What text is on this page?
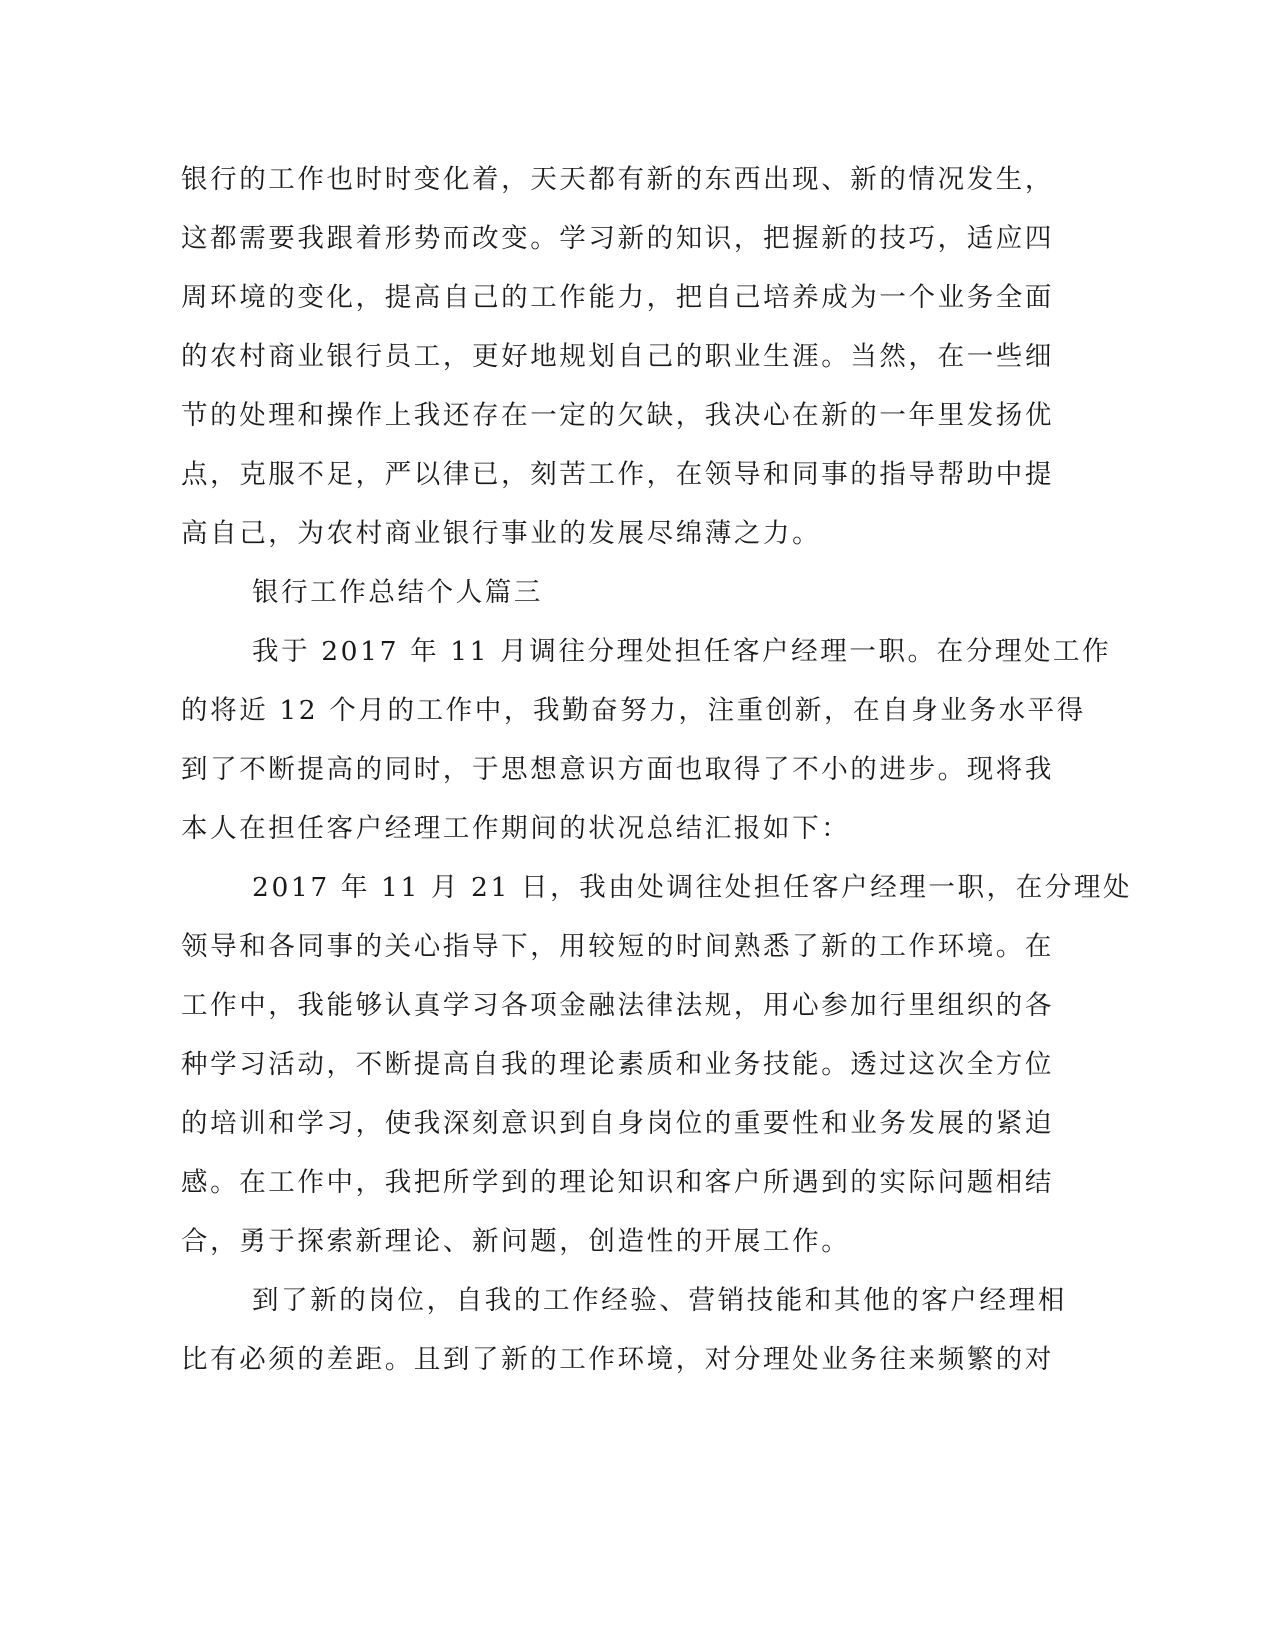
银行的工作也时时变化着，天天都有新的东西出现、新的情况发生，
这都需要我跟着形势而改变。学习新的知识，把握新的技巧，适应四
周环境的变化，提高自己的工作能力，把自己培养成为一个业务全面
的农村商业银行员工，更好地规划自己的职业生涯。当然，在一些细
节的处理和操作上我还存在一定的欠缺，我决心在新的一年里发扬优
点，克服不足，严以律已，刻苦工作，在领导和同事的指导帮助中提
高自己，为农村商业银行事业的发展尽绵薄之力。
银行工作总结个人篇三
我于 2017 年 11 月调往分理处担任客户经理一职。在分理处工作
的将近 12 个月的工作中，我勤奋努力，注重创新，在自身业务水平得
到了不断提高的同时，于思想意识方面也取得了不小的进步。现将我
本人在担任客户经理工作期间的状况总结汇报如下：
2017 年 11 月 21 日，我由处调往处担任客户经理一职，在分理处
领导和各同事的关心指导下，用较短的时间熟悉了新的工作环境。在
工作中，我能够认真学习各项金融法律法规，用心参加行里组织的各
种学习活动，不断提高自我的理论素质和业务技能。透过这次全方位
的培训和学习，使我深刻意识到自身岗位的重要性和业务发展的紧迫
感。在工作中，我把所学到的理论知识和客户所遇到的实际问题相结
合，勇于探索新理论、新问题，创造性的开展工作。
到了新的岗位，自我的工作经验、营销技能和其他的客户经理相
比有必须的差距。且到了新的工作环境，对分理处业务往来频繁的对
